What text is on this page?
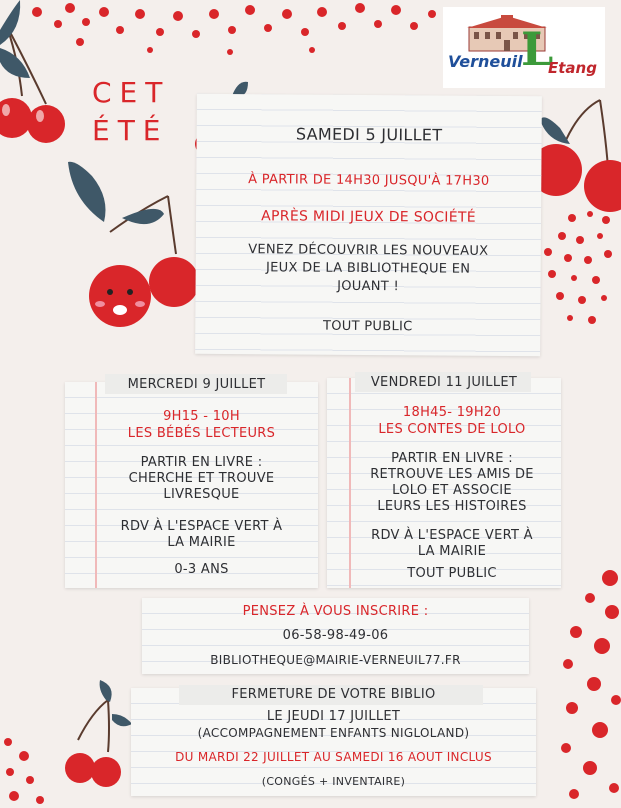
Verneuil
L
Etang
CET
ÉTÉ	SAMEDI 5 JUILLET
À PARTIR DE 14H30 JUSQU'À 17H30
APRÈS MIDI JEUX DE SOCIÉTÉ
VENEZ DÉCOUVRIR LES NOUVEAUX
JEUX DE LA BIBLIOTHEQUE EN
JOUANT !
TOUT PUBLIC
MERCREDI 9 JUILLET
9H15 - 10H
LES BÉBÉS LECTEURS
PARTIR EN LIVRE :
CHERCHE ET TROUVE
LIVRESQUE
RDV À L'ESPACE VERT À
LA MAIRIE
0-3 ANS
VENDREDI 11 JUILLET
18H45- 19H20
LES CONTES DE LOLO
PARTIR EN LIVRE :
RETROUVE LES AMIS DE
LOLO ET ASSOCIE
LEURS LES HISTOIRES
RDV À L'ESPACE VERT À
LA MAIRIE
TOUT PUBLIC
PENSEZ À VOUS INSCRIRE :
06-58-98-49-06
BIBLIOTHEQUE@MAIRIE-VERNEUIL77.FR
FERMETURE DE VOTRE BIBLIO
LE JEUDI 17 JUILLET
(ACCOMPAGNEMENT ENFANTS NIGLOLAND)
DU MARDI 22 JUILLET AU SAMEDI 16 AOUT INCLUS
(CONGÉS + INVENTAIRE)
